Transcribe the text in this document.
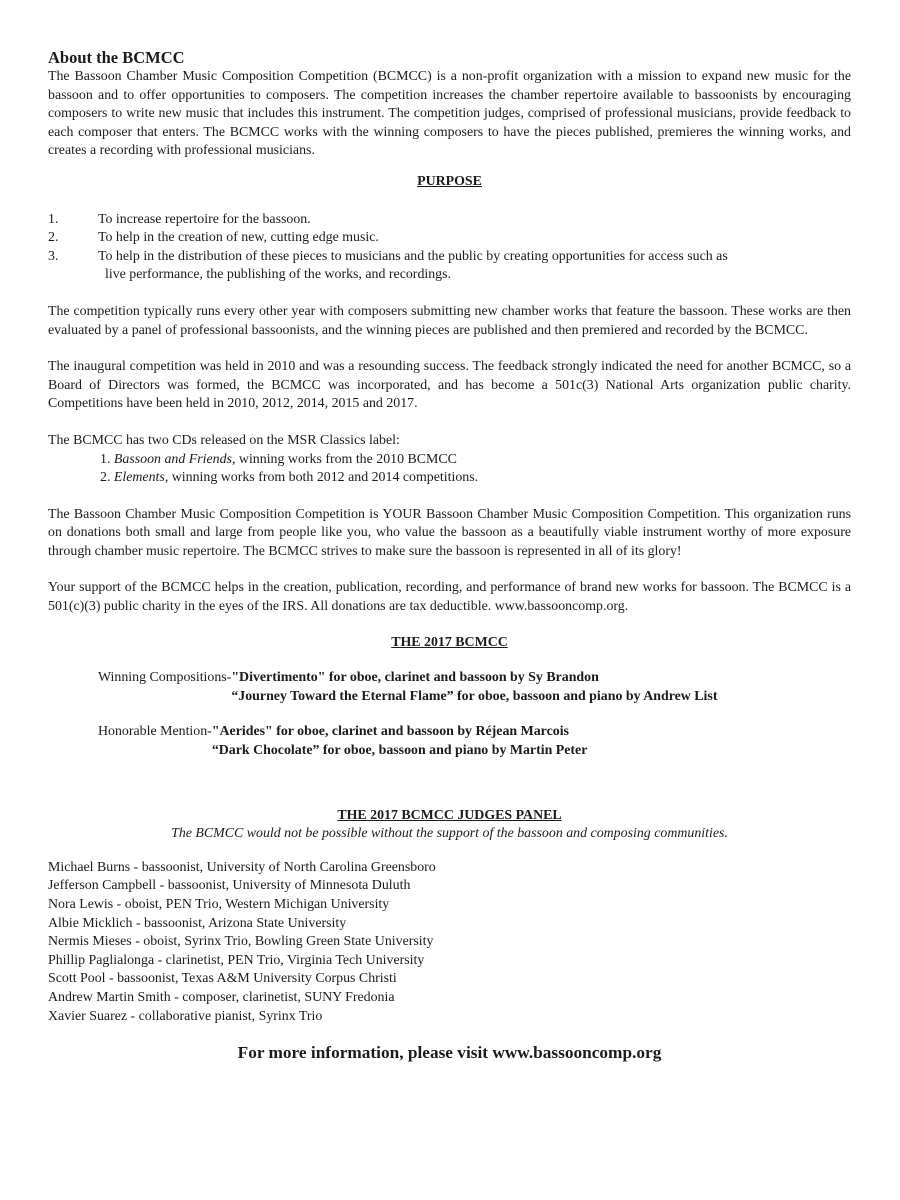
About the BCMCC

The Bassoon Chamber Music Composition Competition (BCMCC) is a non-profit organization with a mission to expand new music for the bassoon and to offer opportunities to composers. The competition increases the chamber repertoire available to bassoonists by encouraging composers to write new music that includes this instrument. The competition judges, comprised of professional musicians, provide feedback to each composer that enters. The BCMCC works with the winning composers to have the pieces published, premieres the winning works, and creates a recording with professional musicians.

PURPOSE
1.	To increase repertoire for the bassoon.
2.	To help in the creation of new, cutting edge music.
3.	To help in the distribution of these pieces to musicians and the public by creating opportunities for access such as
live performance, the publishing of the works, and recordings.

The competition typically runs every other year with composers submitting new chamber works that feature the bassoon. These works are then evaluated by a panel of professional bassoonists, and the winning pieces are published and then premiered and recorded by the BCMCC.

The inaugural competition was held in 2010 and was a resounding success. The feedback strongly indicated the need for another BCMCC, so a Board of Directors was formed, the BCMCC was incorporated, and has become a 501c(3) National Arts organization public charity. Competitions have been held in 2010, 2012, 2014, 2015 and 2017.

The BCMCC has two CDs released on the MSR Classics label:

1. Bassoon and Friends, winning works from the 2010 BCMCC
2. Elements, winning works from both 2012 and 2014 competitions.

The Bassoon Chamber Music Composition Competition is YOUR Bassoon Chamber Music Composition Competition. This organization runs on donations both small and large from people like you, who value the bassoon as a beautifully viable instrument worthy of more exposure through chamber music repertoire. The BCMCC strives to make sure the bassoon is represented in all of its glory!

Your support of the BCMCC helps in the creation, publication, recording, and performance of brand new works for bassoon. The BCMCC is a 501(c)(3) public charity in the eyes of the IRS. All donations are tax deductible. www.bassooncomp.org.

THE 2017 BCMCC
Winning Compositions- "Divertimento" for oboe, clarinet and bassoon by Sy Brandon
“Journey Toward the Eternal Flame” for oboe, bassoon and piano by Andrew List
Honorable Mention- "Aerides" for oboe, clarinet and bassoon by Réjean Marcois
“Dark Chocolate” for oboe, bassoon and piano by Martin Peter
THE 2017 BCMCC JUDGES PANEL

The BCMCC would not be possible without the support of the bassoon and composing communities.

Michael Burns - bassoonist, University of North Carolina Greensboro
Jefferson Campbell - bassoonist, University of Minnesota Duluth
Nora Lewis - oboist, PEN Trio, Western Michigan University
Albie Micklich - bassoonist, Arizona State University
Nermis Mieses - oboist, Syrinx Trio, Bowling Green State University
Phillip Paglialonga - clarinetist, PEN Trio, Virginia Tech University
Scott Pool - bassoonist, Texas A&M University Corpus Christi
Andrew Martin Smith - composer, clarinetist, SUNY Fredonia
Xavier Suarez - collaborative pianist, Syrinx Trio
For more information, please visit www.bassooncomp.org
